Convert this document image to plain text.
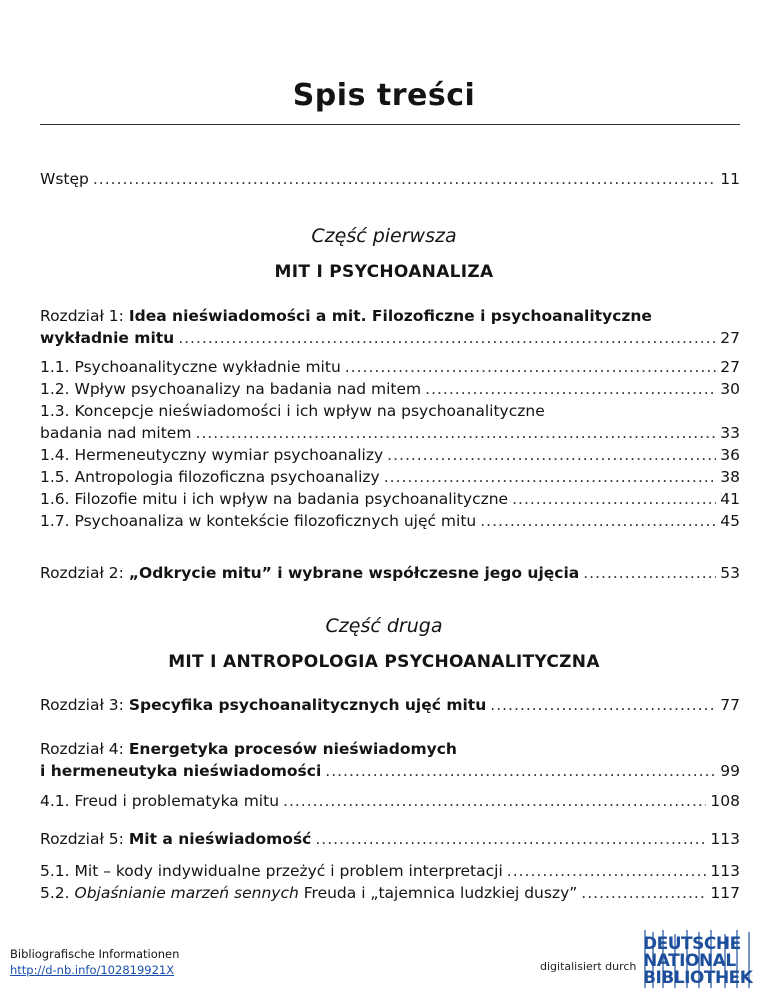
Spis treści
Wstęp .....	11
Część pierwsza
MIT I PSYCHOANALIZA
Rozdział 1: Idea nieświadomości a mit. Filozoficzne i psychoanalityczne
wykładnie mitu .....	27
1.1. Psychoanalityczne wykładnie mitu .....	27
1.2. Wpływ psychoanalizy na badania nad mitem .....	30
1.3. Koncepcje nieświadomości i ich wpływ na psychoanalityczne
badania nad mitem .....	33
1.4. Hermeneutyczny wymiar psychoanalizy .....	36
1.5. Antropologia filozoficzna psychoanalizy .....	38
1.6. Filozofie mitu i ich wpływ na badania psychoanalityczne .....	41
1.7. Psychoanaliza w kontekście filozoficznych ujęć mitu .....	45
Rozdział 2: „Odkrycie mitu” i wybrane współczesne jego ujęcia .....	53
Część druga
MIT I ANTROPOLOGIA PSYCHOANALITYCZNA
Rozdział 3: Specyfika psychoanalitycznych ujęć mitu .....	77
Rozdział 4: Energetyka procesów nieświadomych
i hermeneutyka nieświadomości .....	99
4.1. Freud i problematyka mitu .....	108
Rozdział 5: Mit a nieświadomość .....	113
5.1. Mit – kody indywidualne przeżyć i problem interpretacji .....	113
5.2. Objaśnianie marzeń sennych Freuda i „tajemnica ludzkiej duszy” .....	117
Bibliografische Informationen
http://d-nb.info/102819921X	digitalisiert durch
DEUTSCHE
NATIONAL
BIBLIOTHEK
